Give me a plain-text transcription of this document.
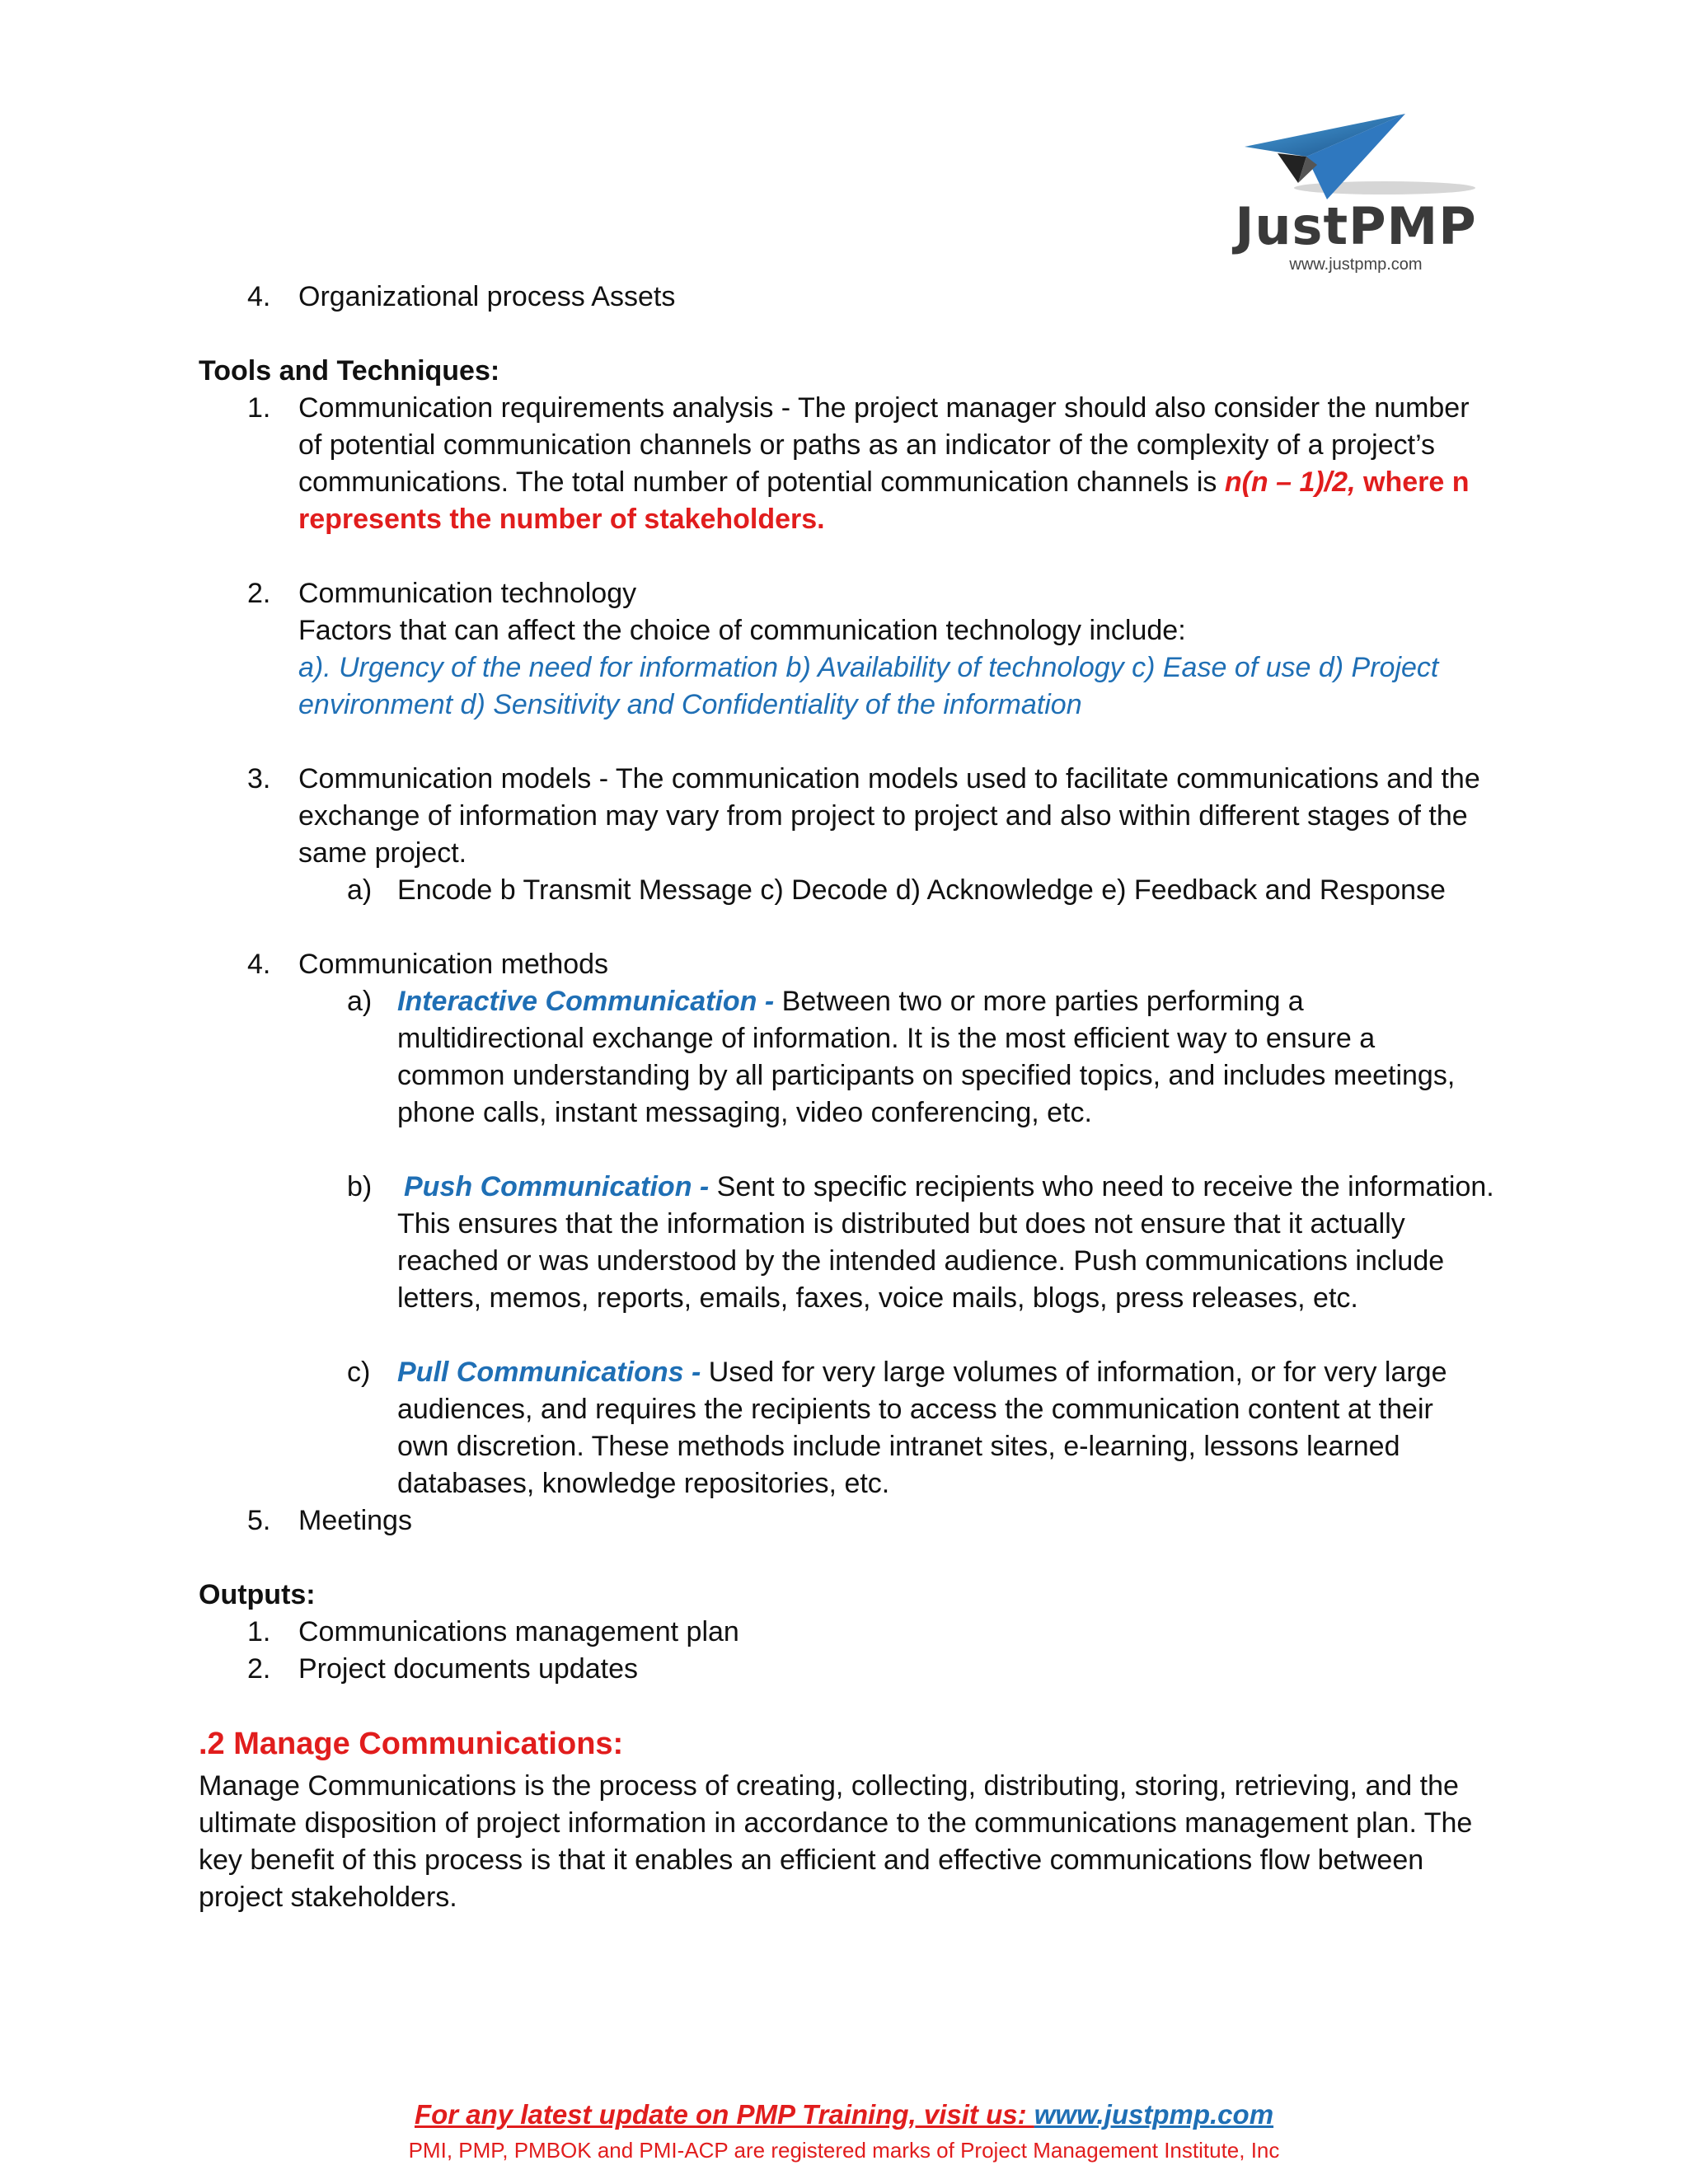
JustPMP
www.justpmp.com
4. Organizational process Assets
Tools and Techniques:
1. Communication requirements analysis - The project manager should also consider the number
of potential communication channels or paths as an indicator of the complexity of a project’s
communications. The total number of potential communication channels is n(n – 1)/2, where n
represents the number of stakeholders.
2. Communication technology
Factors that can affect the choice of communication technology include:
a). Urgency of the need for information b) Availability of technology c) Ease of use d) Project
environment d) Sensitivity and Confidentiality of the information
3. Communication models - The communication models used to facilitate communications and the
exchange of information may vary from project to project and also within different stages of the
same project.
a) Encode b Transmit Message c) Decode d) Acknowledge e) Feedback and Response
4. Communication methods
a) Interactive Communication - Between two or more parties performing a
multidirectional exchange of information. It is the most efficient way to ensure a
common understanding by all participants on specified topics, and includes meetings,
phone calls, instant messaging, video conferencing, etc.
b) Push Communication - Sent to specific recipients who need to receive the information.
This ensures that the information is distributed but does not ensure that it actually
reached or was understood by the intended audience. Push communications include
letters, memos, reports, emails, faxes, voice mails, blogs, press releases, etc.
c) Pull Communications - Used for very large volumes of information, or for very large
audiences, and requires the recipients to access the communication content at their
own discretion. These methods include intranet sites, e-learning, lessons learned
databases, knowledge repositories, etc.
5. Meetings
Outputs:
1. Communications management plan
2. Project documents updates
.2 Manage Communications:
Manage Communications is the process of creating, collecting, distributing, storing, retrieving, and the
ultimate disposition of project information in accordance to the communications management plan. The
key benefit of this process is that it enables an efficient and effective communications flow between
project stakeholders.
For any latest update on PMP Training, visit us: www.justpmp.com
PMI, PMP, PMBOK and PMI-ACP are registered marks of Project Management Institute, Inc
